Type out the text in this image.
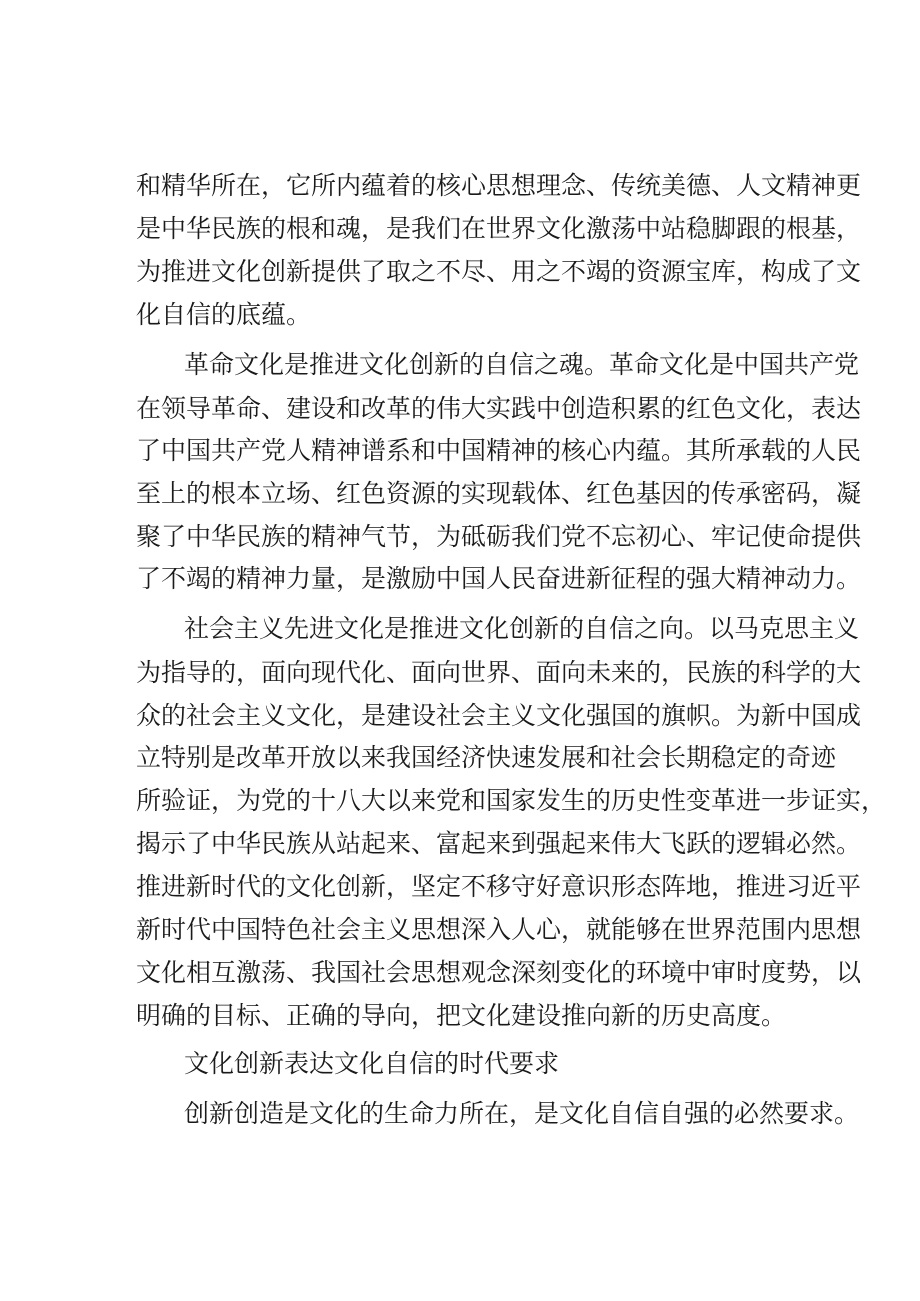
和精华所在，它所内蕴着的核心思想理念、传统美德、人文精神更
是中华民族的根和魂，是我们在世界文化激荡中站稳脚跟的根基，
为推进文化创新提供了取之不尽、用之不竭的资源宝库，构成了文
化自信的底蕴。
革命文化是推进文化创新的自信之魂。革命文化是中国共产党
在领导革命、建设和改革的伟大实践中创造积累的红色文化，表达
了中国共产党人精神谱系和中国精神的核心内蕴。其所承载的人民
至上的根本立场、红色资源的实现载体、红色基因的传承密码，凝
聚了中华民族的精神气节，为砥砺我们党不忘初心、牢记使命提供
了不竭的精神力量，是激励中国人民奋进新征程的强大精神动力。
社会主义先进文化是推进文化创新的自信之向。以马克思主义
为指导的，面向现代化、面向世界、面向未来的，民族的科学的大
众的社会主义文化，是建设社会主义文化强国的旗帜。为新中国成
立特别是改革开放以来我国经济快速发展和社会长期稳定的奇迹
所验证，为党的十八大以来党和国家发生的历史性变革进一步证实，
揭示了中华民族从站起来、富起来到强起来伟大飞跃的逻辑必然。
推进新时代的文化创新，坚定不移守好意识形态阵地，推进习近平
新时代中国特色社会主义思想深入人心，就能够在世界范围内思想
文化相互激荡、我国社会思想观念深刻变化的环境中审时度势，以
明确的目标、正确的导向，把文化建设推向新的历史高度。
文化创新表达文化自信的时代要求
创新创造是文化的生命力所在，是文化自信自强的必然要求。
